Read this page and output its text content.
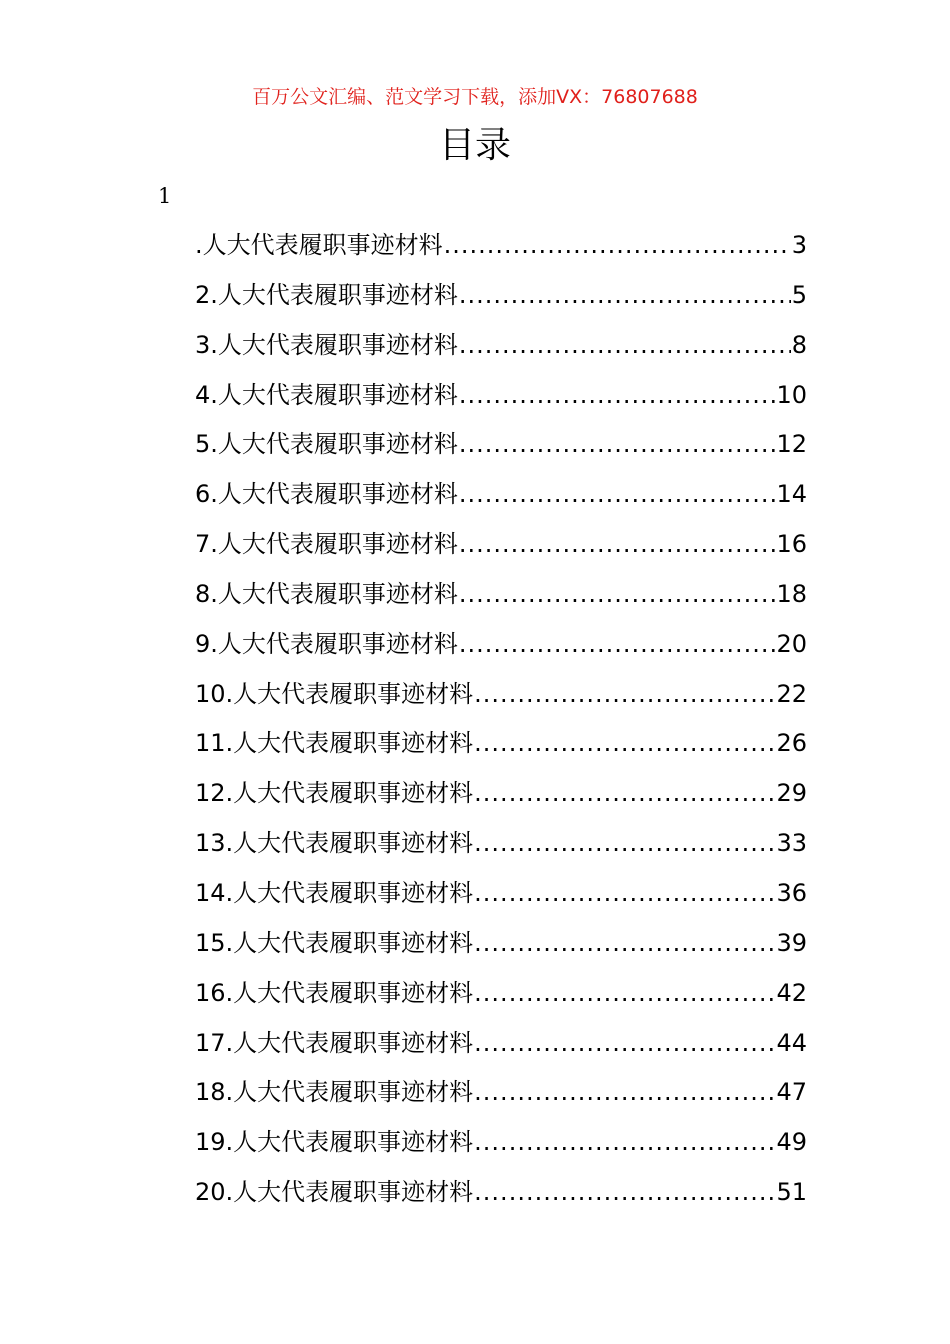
百万公文汇编、范文学习下载，添加VX：76807688
目录
1
.人大代表履职事迹材料 .....	3
2.人大代表履职事迹材料 .....	5
3.人大代表履职事迹材料 .....	8
4.人大代表履职事迹材料 .....	10
5.人大代表履职事迹材料 .....	12
6.人大代表履职事迹材料 .....	14
7.人大代表履职事迹材料 .....	16
8.人大代表履职事迹材料 .....	18
9.人大代表履职事迹材料 .....	20
10.人大代表履职事迹材料 .....	22
11.人大代表履职事迹材料 .....	26
12.人大代表履职事迹材料 .....	29
13.人大代表履职事迹材料 .....	33
14.人大代表履职事迹材料 .....	36
15.人大代表履职事迹材料 .....	39
16.人大代表履职事迹材料 .....	42
17.人大代表履职事迹材料 .....	44
18.人大代表履职事迹材料 .....	47
19.人大代表履职事迹材料 .....	49
20.人大代表履职事迹材料 .....	51
